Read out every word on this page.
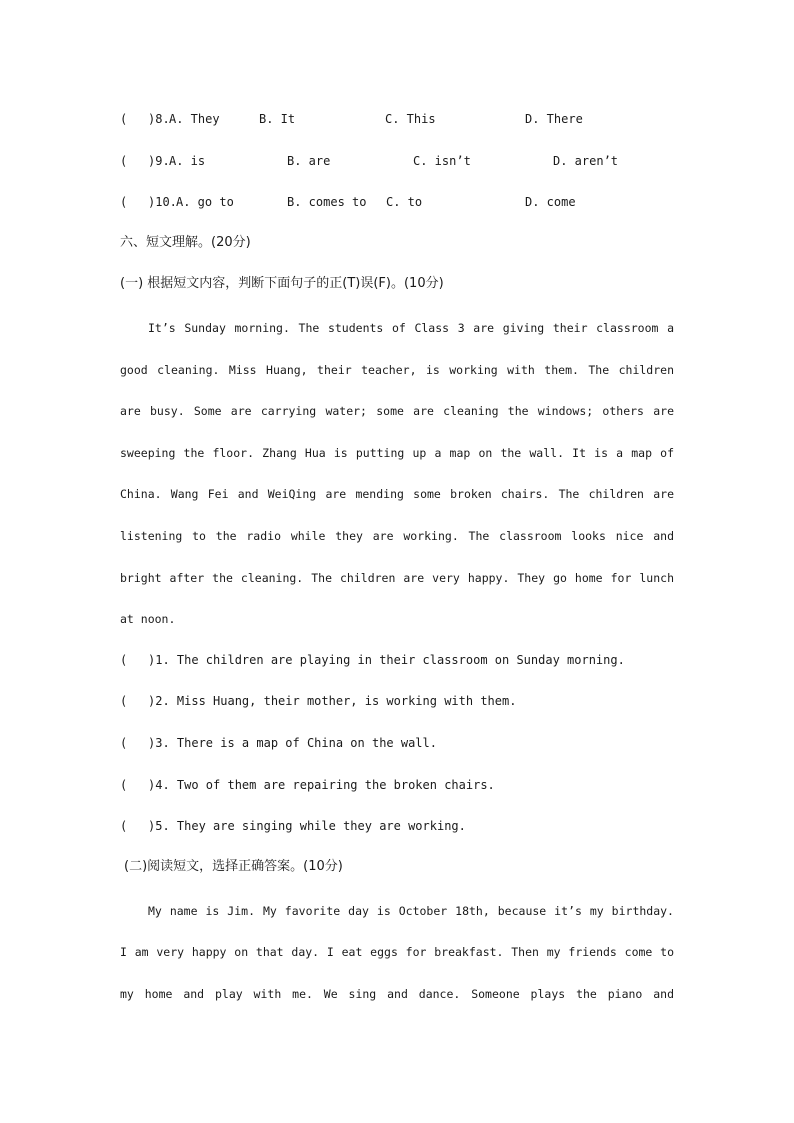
( )8. A. They	B. It	C. This	D. There
( )9. A. is	B. are	C. isn’t	D. aren’t
( )10. A. go to	B. comes to C. to	D. come
六、短文理解。(20分)
(一) 根据短文内容，判断下面句子的正(T)误(F)。(10分)
It’s Sunday morning. The students of Class 3 are giving their classroom a
good cleaning. Miss Huang, their teacher, is working with them. The children
are busy. Some are carrying water; some are cleaning the windows; others are
sweeping the floor. Zhang Hua is putting up a map on the wall. It is a map of
China. Wang Fei and WeiQing are mending some broken chairs. The children are
listening to the radio while they are working. The classroom looks nice and
bright after the cleaning. The children are very happy. They go home for lunch
at noon.
( )1. The children are playing in their classroom on Sunday morning.
( )2. Miss Huang, their mother, is working with them.
( )3. There is a map of China on the wall.
( )4. Two of them are repairing the broken chairs.
( )5. They are singing while they are working.
(二)阅读短文，选择正确答案。(10分)
My name is Jim. My favorite day is October 18th, because it’s my birthday.
I am very happy on that day. I eat eggs for breakfast. Then my friends come to
my home and play with me. We sing and dance. Someone plays the piano and
